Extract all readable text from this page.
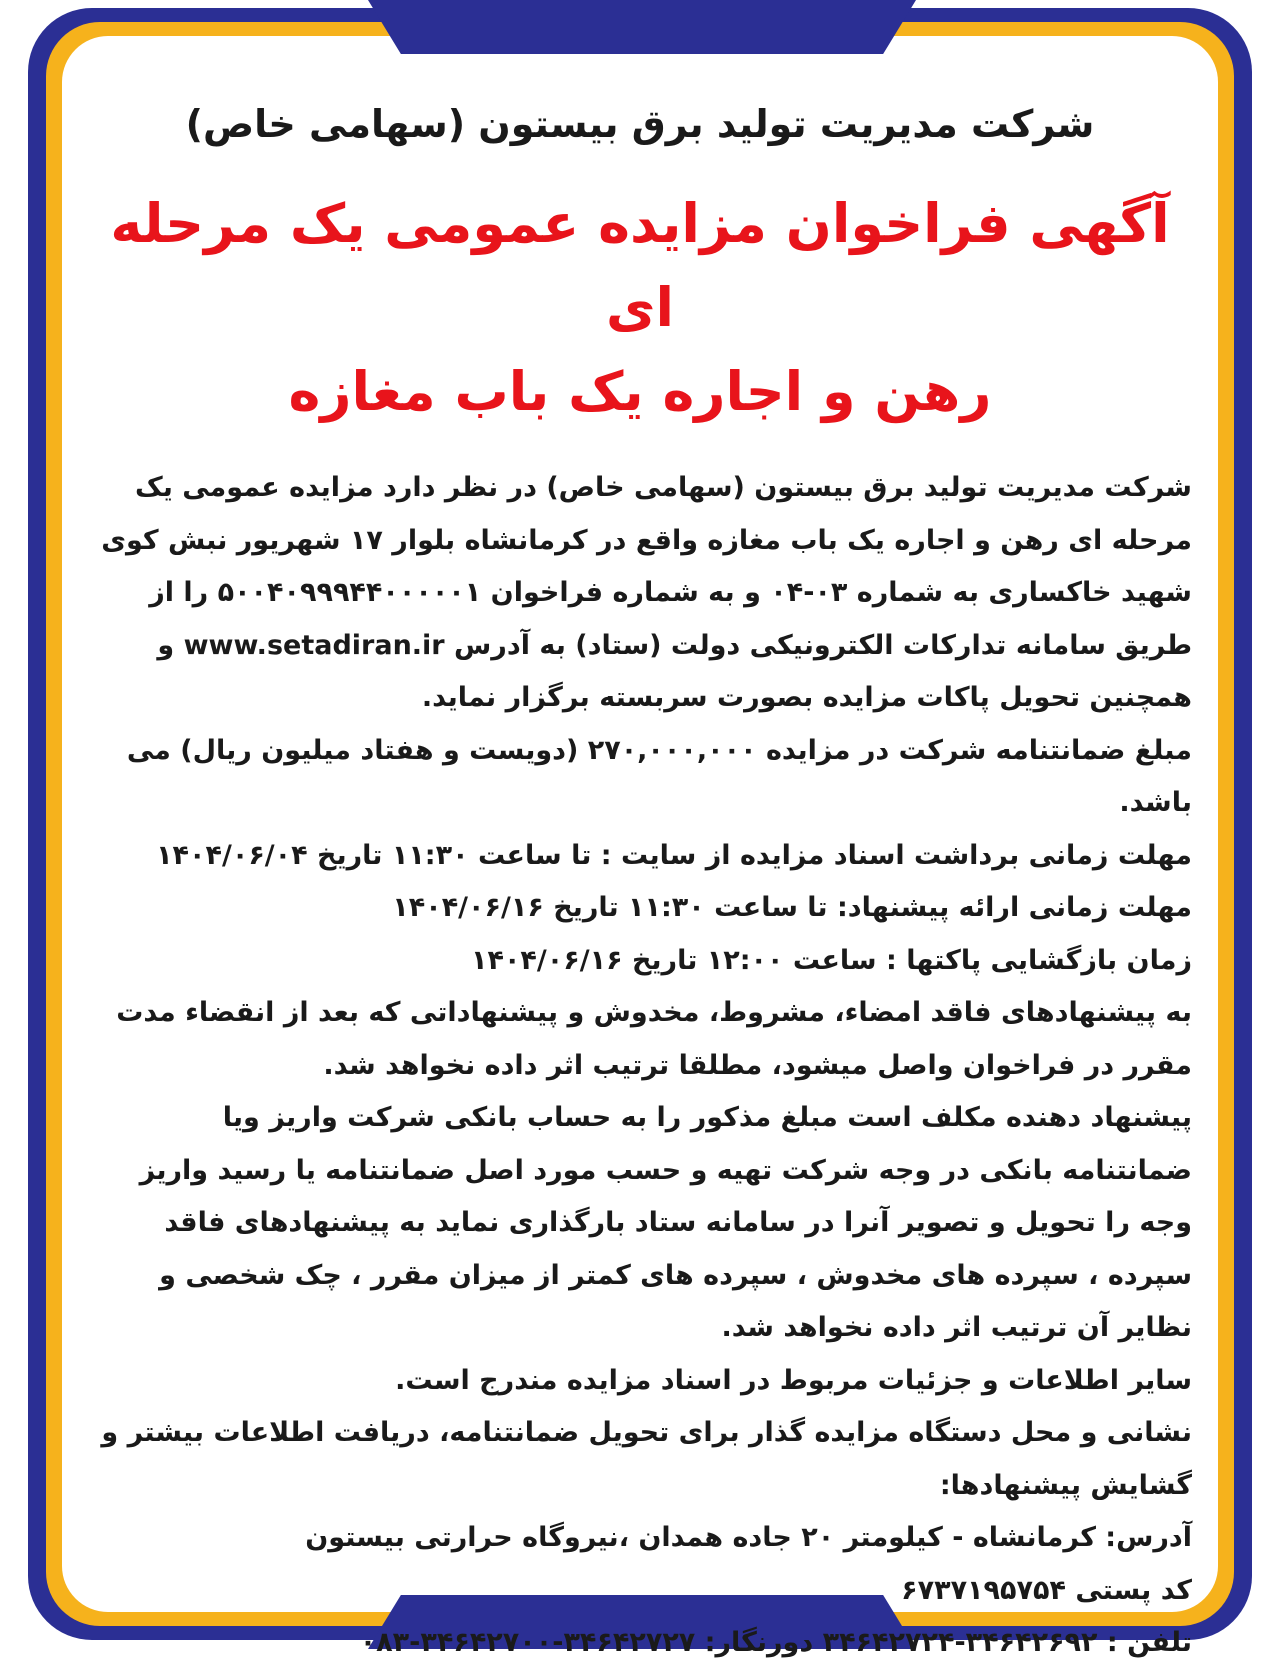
شرکت مدیریت تولید برق بیستون (سهامی خاص)
آگهی فراخوان مزایده عمومی یک مرحله ای
رهن و اجاره یک باب مغازه

شرکت مدیریت تولید برق بیستون (سهامی خاص) در نظر دارد مزایده عمومی یک مرحله ای رهن و اجاره یک باب مغازه واقع در کرمانشاه بلوار ۱۷ شهریور نبش کوی شهید خاکساری به شماره ۰۳-۰۴ و به شماره فراخوان ۵۰۰۴۰۹۹۹۴۴۰۰۰۰۰۱ را از طریق سامانه تدارکات الکترونیکی دولت (ستاد) به آدرس www.setadiran.ir و همچنین تحویل پاکات مزایده بصورت سربسته برگزار نماید.

مبلغ ضمانتنامه شرکت در مزایده ۲۷۰,۰۰۰,۰۰۰ (دویست و هفتاد میلیون ریال) می باشد.

مهلت زمانی برداشت اسناد مزایده از سایت : تا ساعت ۱۱:۳۰ تاریخ ۱۴۰۴/۰۶/۰۴

مهلت زمانی ارائه پیشنهاد: تا ساعت ۱۱:۳۰ تاریخ ۱۴۰۴/۰۶/۱۶

زمان بازگشایی پاکتها : ساعت ۱۲:۰۰ تاریخ ۱۴۰۴/۰۶/۱۶

به پیشنهادهای فاقد امضاء، مشروط، مخدوش و پیشنهاداتی که بعد از انقضاء مدت مقرر در فراخوان واصل میشود، مطلقا ترتیب اثر داده نخواهد شد.

پیشنهاد دهنده مکلف است مبلغ مذکور را به حساب بانکی شرکت واریز ویا ضمانتنامه بانکی در وجه شرکت تهیه و حسب مورد اصل ضمانتنامه یا رسید واریز وجه را تحویل و تصویر آنرا در سامانه ستاد بارگذاری نماید به پیشنهادهای فاقد سپرده ، سپرده های مخدوش ، سپرده های کمتر از میزان مقرر ، چک شخصی و نظایر آن ترتیب اثر داده نخواهد شد.

سایر اطلاعات و جزئیات مربوط در اسناد مزایده مندرج است.

نشانی و محل دستگاه مزایده گذار برای تحویل ضمانتنامه، دریافت اطلاعات بیشتر و گشایش پیشنهادها:

آدرس: کرمانشاه - کیلومتر ۲۰ جاده همدان ،نیروگاه حرارتی بیستون

کد پستی ۶۷۳۷۱۹۵۷۵۴

تلفن : ۳۴۶۴۲۶۹۲-۳۴۶۴۲۷۲۴ دورنگار: ۳۴۶۴۲۷۲۷-۳۴۶۴۲۷۰۰-۰۸۳
